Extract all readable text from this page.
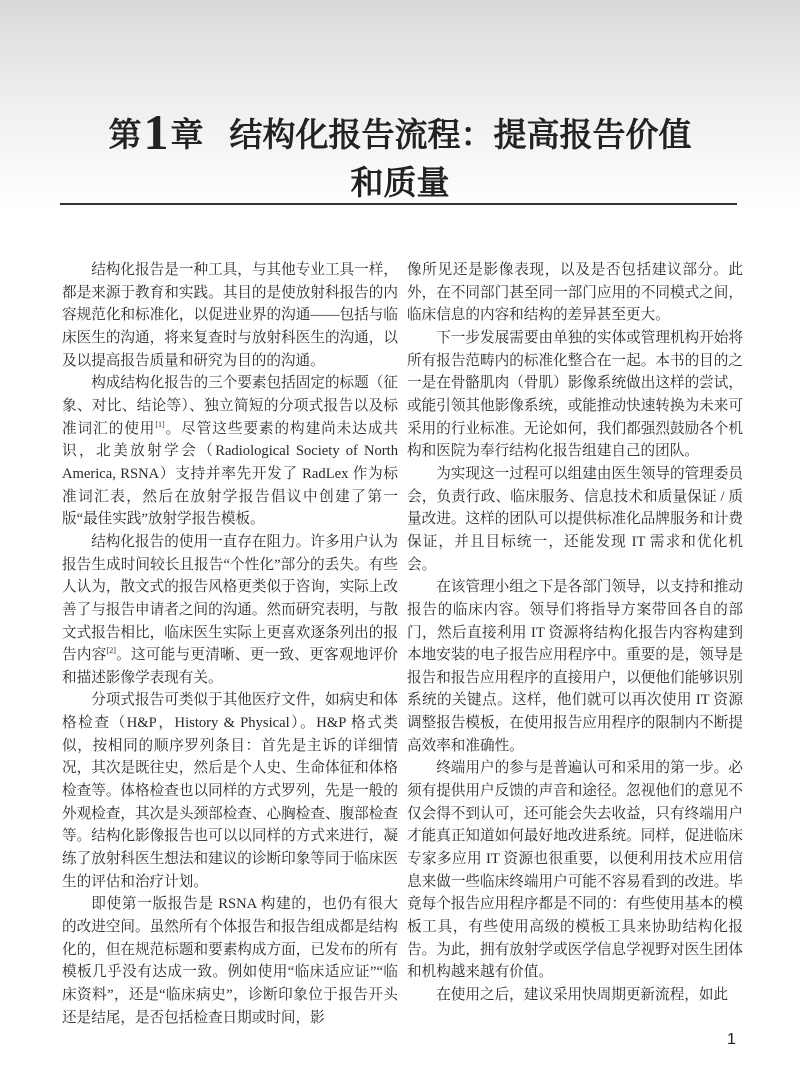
第1章 结构化报告流程：提高报告价值
和质量

结构化报告是一种工具，与其他专业工具一样，都是来源于教育和实践。其目的是使放射科报告的内容规范化和标准化，以促进业界的沟通——包括与临床医生的沟通，将来复查时与放射科医生的沟通，以及以提高报告质量和研究为目的的沟通。

构成结构化报告的三个要素包括固定的标题（征象、对比、结论等）、独立简短的分项式报告以及标准词汇的使用[1]。尽管这些要素的构建尚未达成共识，北美放射学会（Radiological Society of North America, RSNA）支持并率先开发了 RadLex 作为标准词汇表，然后在放射学报告倡议中创建了第一版“最佳实践”放射学报告模板。

结构化报告的使用一直存在阻力。许多用户认为报告生成时间较长且报告“个性化”部分的丢失。有些人认为，散文式的报告风格更类似于咨询，实际上改善了与报告申请者之间的沟通。然而研究表明，与散文式报告相比，临床医生实际上更喜欢逐条列出的报告内容[2]。这可能与更清晰、更一致、更客观地评价和描述影像学表现有关。

分项式报告可类似于其他医疗文件，如病史和体格检查（H&P，History & Physical）。H&P 格式类似，按相同的顺序罗列条目：首先是主诉的详细情况，其次是既往史，然后是个人史、生命体征和体格检查等。体格检查也以同样的方式罗列，先是一般的外观检查，其次是头颈部检查、心胸检查、腹部检查等。结构化影像报告也可以以同样的方式来进行，凝练了放射科医生想法和建议的诊断印象等同于临床医生的评估和治疗计划。

即使第一版报告是 RSNA 构建的，也仍有很大的改进空间。虽然所有个体报告和报告组成都是结构化的，但在规范标题和要素构成方面，已发布的所有模板几乎没有达成一致。例如使用“临床适应证”“临床资料”，还是“临床病史”，诊断印象位于报告开头还是结尾，是否包括检查日期或时间，影

像所见还是影像表现，以及是否包括建议部分。此外，在不同部门甚至同一部门应用的不同模式之间，临床信息的内容和结构的差异甚至更大。

下一步发展需要由单独的实体或管理机构开始将所有报告范畴内的标准化整合在一起。本书的目的之一是在骨骼肌肉（骨肌）影像系统做出这样的尝试，或能引领其他影像系统，或能推动快速转换为未来可采用的行业标准。无论如何，我们都强烈鼓励各个机构和医院为奉行结构化报告组建自己的团队。

为实现这一过程可以组建由医生领导的管理委员会，负责行政、临床服务、信息技术和质量保证 / 质量改进。这样的团队可以提供标准化品牌服务和计费保证，并且目标统一，还能发现 IT 需求和优化机会。

在该管理小组之下是各部门领导，以支持和推动报告的临床内容。领导们将指导方案带回各自的部门，然后直接利用 IT 资源将结构化报告内容构建到本地安装的电子报告应用程序中。重要的是，领导是报告和报告应用程序的直接用户，以便他们能够识别系统的关键点。这样，他们就可以再次使用 IT 资源调整报告模板，在使用报告应用程序的限制内不断提高效率和准确性。

终端用户的参与是普遍认可和采用的第一步。必须有提供用户反馈的声音和途径。忽视他们的意见不仅会得不到认可，还可能会失去收益，只有终端用户才能真正知道如何最好地改进系统。同样，促进临床专家多应用 IT 资源也很重要，以便利用技术应用信息来做一些临床终端用户可能不容易看到的改进。毕竟每个报告应用程序都是不同的：有些使用基本的模板工具，有些使用高级的模板工具来协助结构化报告。为此，拥有放射学或医学信息学视野对医生团体和机构越来越有价值。

在使用之后，建议采用快周期更新流程，如此

1
